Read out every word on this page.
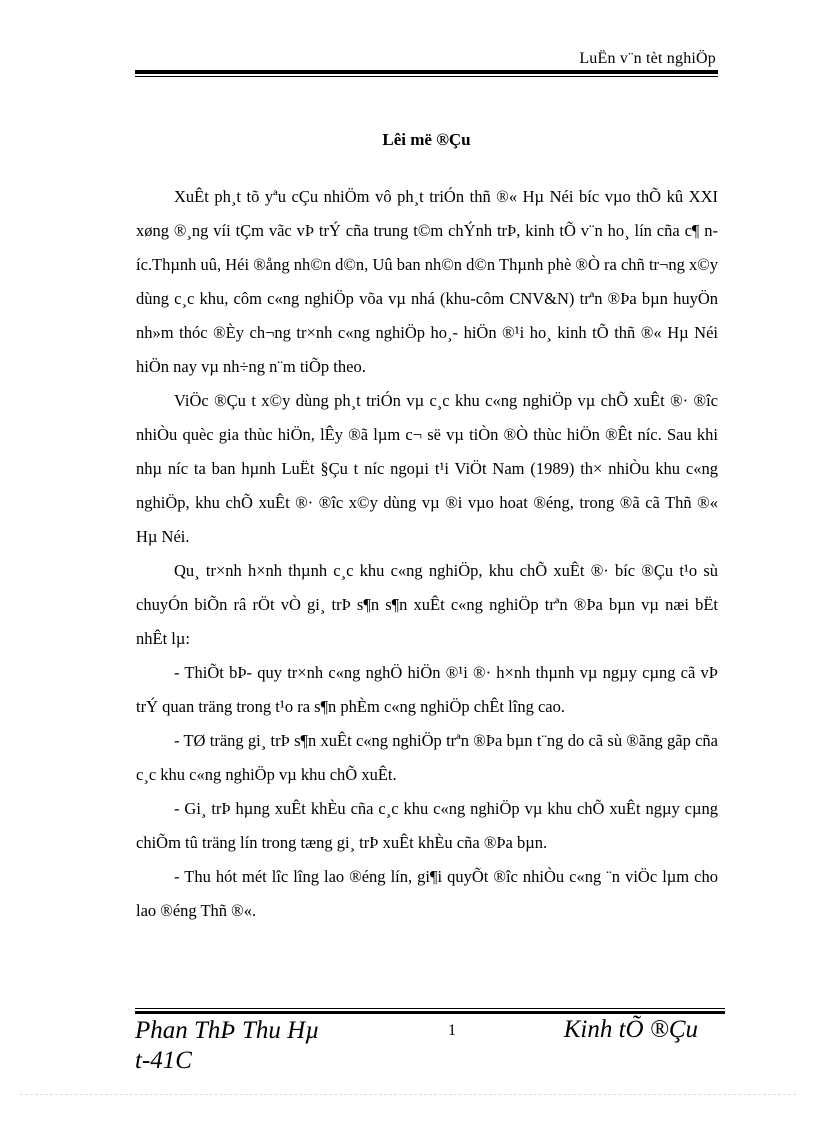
LuËn v¨n tèt nghiÖp
Lêi më ®Çu

XuÊt ph¸t tõ yªu cÇu nhiÖm vô ph¸t triÓn thñ ®« Hµ Néi bíc vµo thÕ kû XXI xøng ®¸ng víi tÇm vãc vÞ trÝ cña trung t©m chÝnh trÞ, kinh tÕ v¨n ho¸ lín cña c¶ níc.Thµnh uû, Héi ®ång nh©n d©n, Uû ban nh©n d©n Thµnh phè ®Ò ra chñ tr¬ng x©y dùng c¸c khu, côm c«ng nghiÖp võa vµ nhá (khu-côm CNV&N) trªn ®Þa bµn huyÖn nh»m thóc ®Èy ch¬ng tr×nh c«ng nghiÖp ho¸- hiÖn ®¹i ho¸ kinh tÕ thñ ®« Hµ Néi hiÖn nay vµ nh÷ng n¨m tiÕp theo.

ViÖc ®Çu t x©y dùng ph¸t triÓn vµ c¸c khu c«ng nghiÖp vµ chÕ xuÊt ®· ®îc nhiÒu quèc gia thùc hiÖn, lÊy ®ã lµm c¬ së vµ tiÒn ®Ò thùc hiÖn ®Êt níc. Sau khi nhµ níc ta ban hµnh LuËt §Çu t níc ngoµi t¹i ViÖt Nam (1989) th× nhiÒu khu c«ng nghiÖp, khu chÕ xuÊt ®· ®îc x©y dùng vµ ®i vµo hoat ®éng, trong ®ã cã Thñ ®« Hµ Néi.

Qu¸ tr×nh h×nh thµnh c¸c khu c«ng nghiÖp, khu chÕ xuÊt ®· bíc ®Çu t¹o sù chuyÓn biÕn râ rÖt vÒ gi¸ trÞ s¶n s¶n xuÊt c«ng nghiÖp trªn ®Þa bµn vµ næi bËt nhÊt lµ:

- ThiÕt bÞ- quy tr×nh c«ng nghÖ hiÖn ®¹i ®· h×nh thµnh vµ ngµy cµng cã vÞ trÝ quan träng trong t¹o ra s¶n phÈm c«ng nghiÖp chÊt lîng cao.

- TØ träng gi¸ trÞ s¶n xuÊt c«ng nghiÖp trªn ®Þa bµn t¨ng do cã sù ®ãng gãp cña c¸c khu c«ng nghiÖp vµ khu chÕ xuÊt.

- Gi¸ trÞ hµng xuÊt khÈu cña c¸c khu c«ng nghiÖp vµ khu chÕ xuÊt ngµy cµng chiÕm tû träng lín trong tæng gi¸ trÞ xuÊt khÈu cña ®Þa bµn.

- Thu hót mét lîc lîng lao ®éng lín, gi¶i quyÕt ®îc nhiÒu c«ng ¨n viÖc lµm cho lao ®éng Thñ ®«.

Phan ThÞ Thu Hµ
t-41C
1	Kinh tÕ ®Çu
